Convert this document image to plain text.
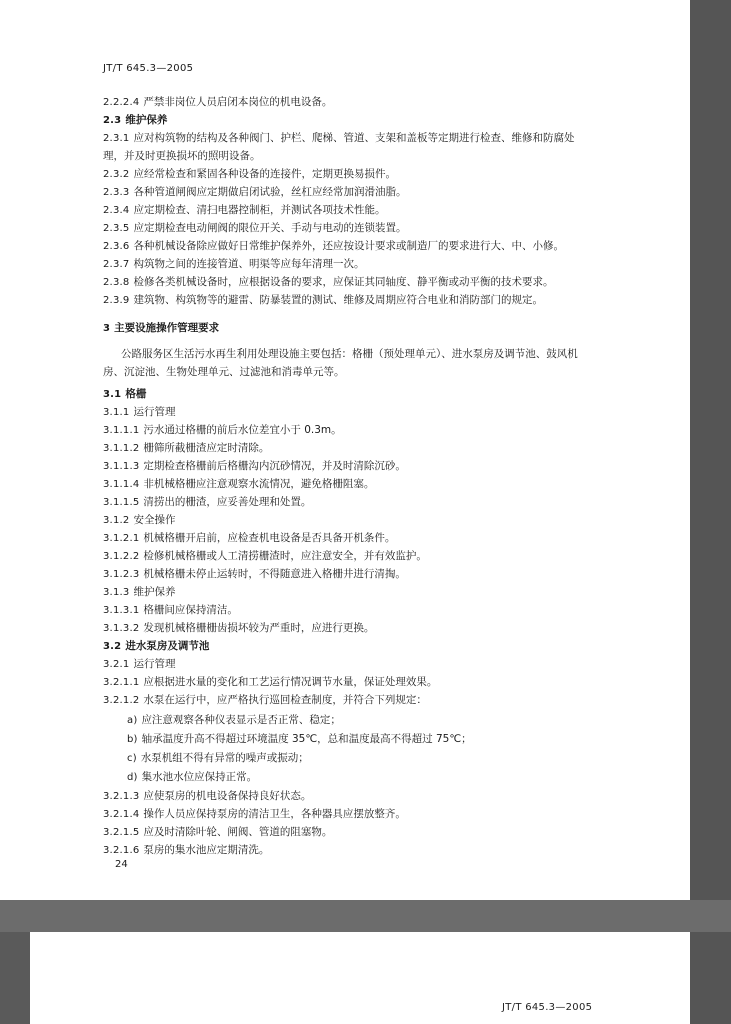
JT/T 645.3—2005
2.2.2.4 严禁非岗位人员启闭本岗位的机电设备。
2.3 维护保养
2.3.1 应对构筑物的结构及各种阀门、护栏、爬梯、管道、支架和盖板等定期进行检查、维修和防腐处
理，并及时更换损坏的照明设备。
2.3.2 应经常检查和紧固各种设备的连接件，定期更换易损件。
2.3.3 各种管道闸阀应定期做启闭试验，丝杠应经常加润滑油脂。
2.3.4 应定期检查、清扫电器控制柜，并测试各项技术性能。
2.3.5 应定期检查电动闸阀的限位开关、手动与电动的连锁装置。
2.3.6 各种机械设备除应做好日常维护保养外，还应按设计要求或制造厂的要求进行大、中、小修。
2.3.7 构筑物之间的连接管道、明渠等应每年清理一次。
2.3.8 检修各类机械设备时，应根据设备的要求，应保证其同轴度、静平衡或动平衡的技术要求。
2.3.9 建筑物、构筑物等的避雷、防暴装置的测试、维修及周期应符合电业和消防部门的规定。
3 主要设施操作管理要求
公路服务区生活污水再生利用处理设施主要包括：格栅（预处理单元）、进水泵房及调节池、鼓风机
房、沉淀池、生物处理单元、过滤池和消毒单元等。
3.1 格栅
3.1.1 运行管理
3.1.1.1 污水通过格栅的前后水位差宜小于 0.3m。
3.1.1.2 栅筛所截栅渣应定时清除。
3.1.1.3 定期检查格栅前后格栅沟内沉砂情况，并及时清除沉砂。
3.1.1.4 非机械格栅应注意观察水流情况，避免格栅阻塞。
3.1.1.5 清捞出的栅渣，应妥善处理和处置。
3.1.2 安全操作
3.1.2.1 机械格栅开启前，应检查机电设备是否具备开机条件。
3.1.2.2 检修机械格栅或人工清捞栅渣时，应注意安全，并有效监护。
3.1.2.3 机械格栅未停止运转时，不得随意进入格栅井进行清掏。
3.1.3 维护保养
3.1.3.1 格栅间应保持清洁。
3.1.3.2 发现机械格栅栅齿损坏较为严重时，应进行更换。
3.2 进水泵房及调节池
3.2.1 运行管理
3.2.1.1 应根据进水量的变化和工艺运行情况调节水量，保证处理效果。
3.2.1.2 水泵在运行中，应严格执行巡回检查制度，并符合下列规定：
a) 应注意观察各种仪表显示是否正常、稳定；
b) 轴承温度升高不得超过环境温度 35℃，总和温度最高不得超过 75℃；
c) 水泵机组不得有异常的噪声或振动；
d) 集水池水位应保持正常。
3.2.1.3 应使泵房的机电设备保持良好状态。
3.2.1.4 操作人员应保持泵房的清洁卫生，各种器具应摆放整齐。
3.2.1.5 应及时清除叶轮、闸阀、管道的阻塞物。
3.2.1.6 泵房的集水池应定期清洗。
24
JT/T 645.3—2005
